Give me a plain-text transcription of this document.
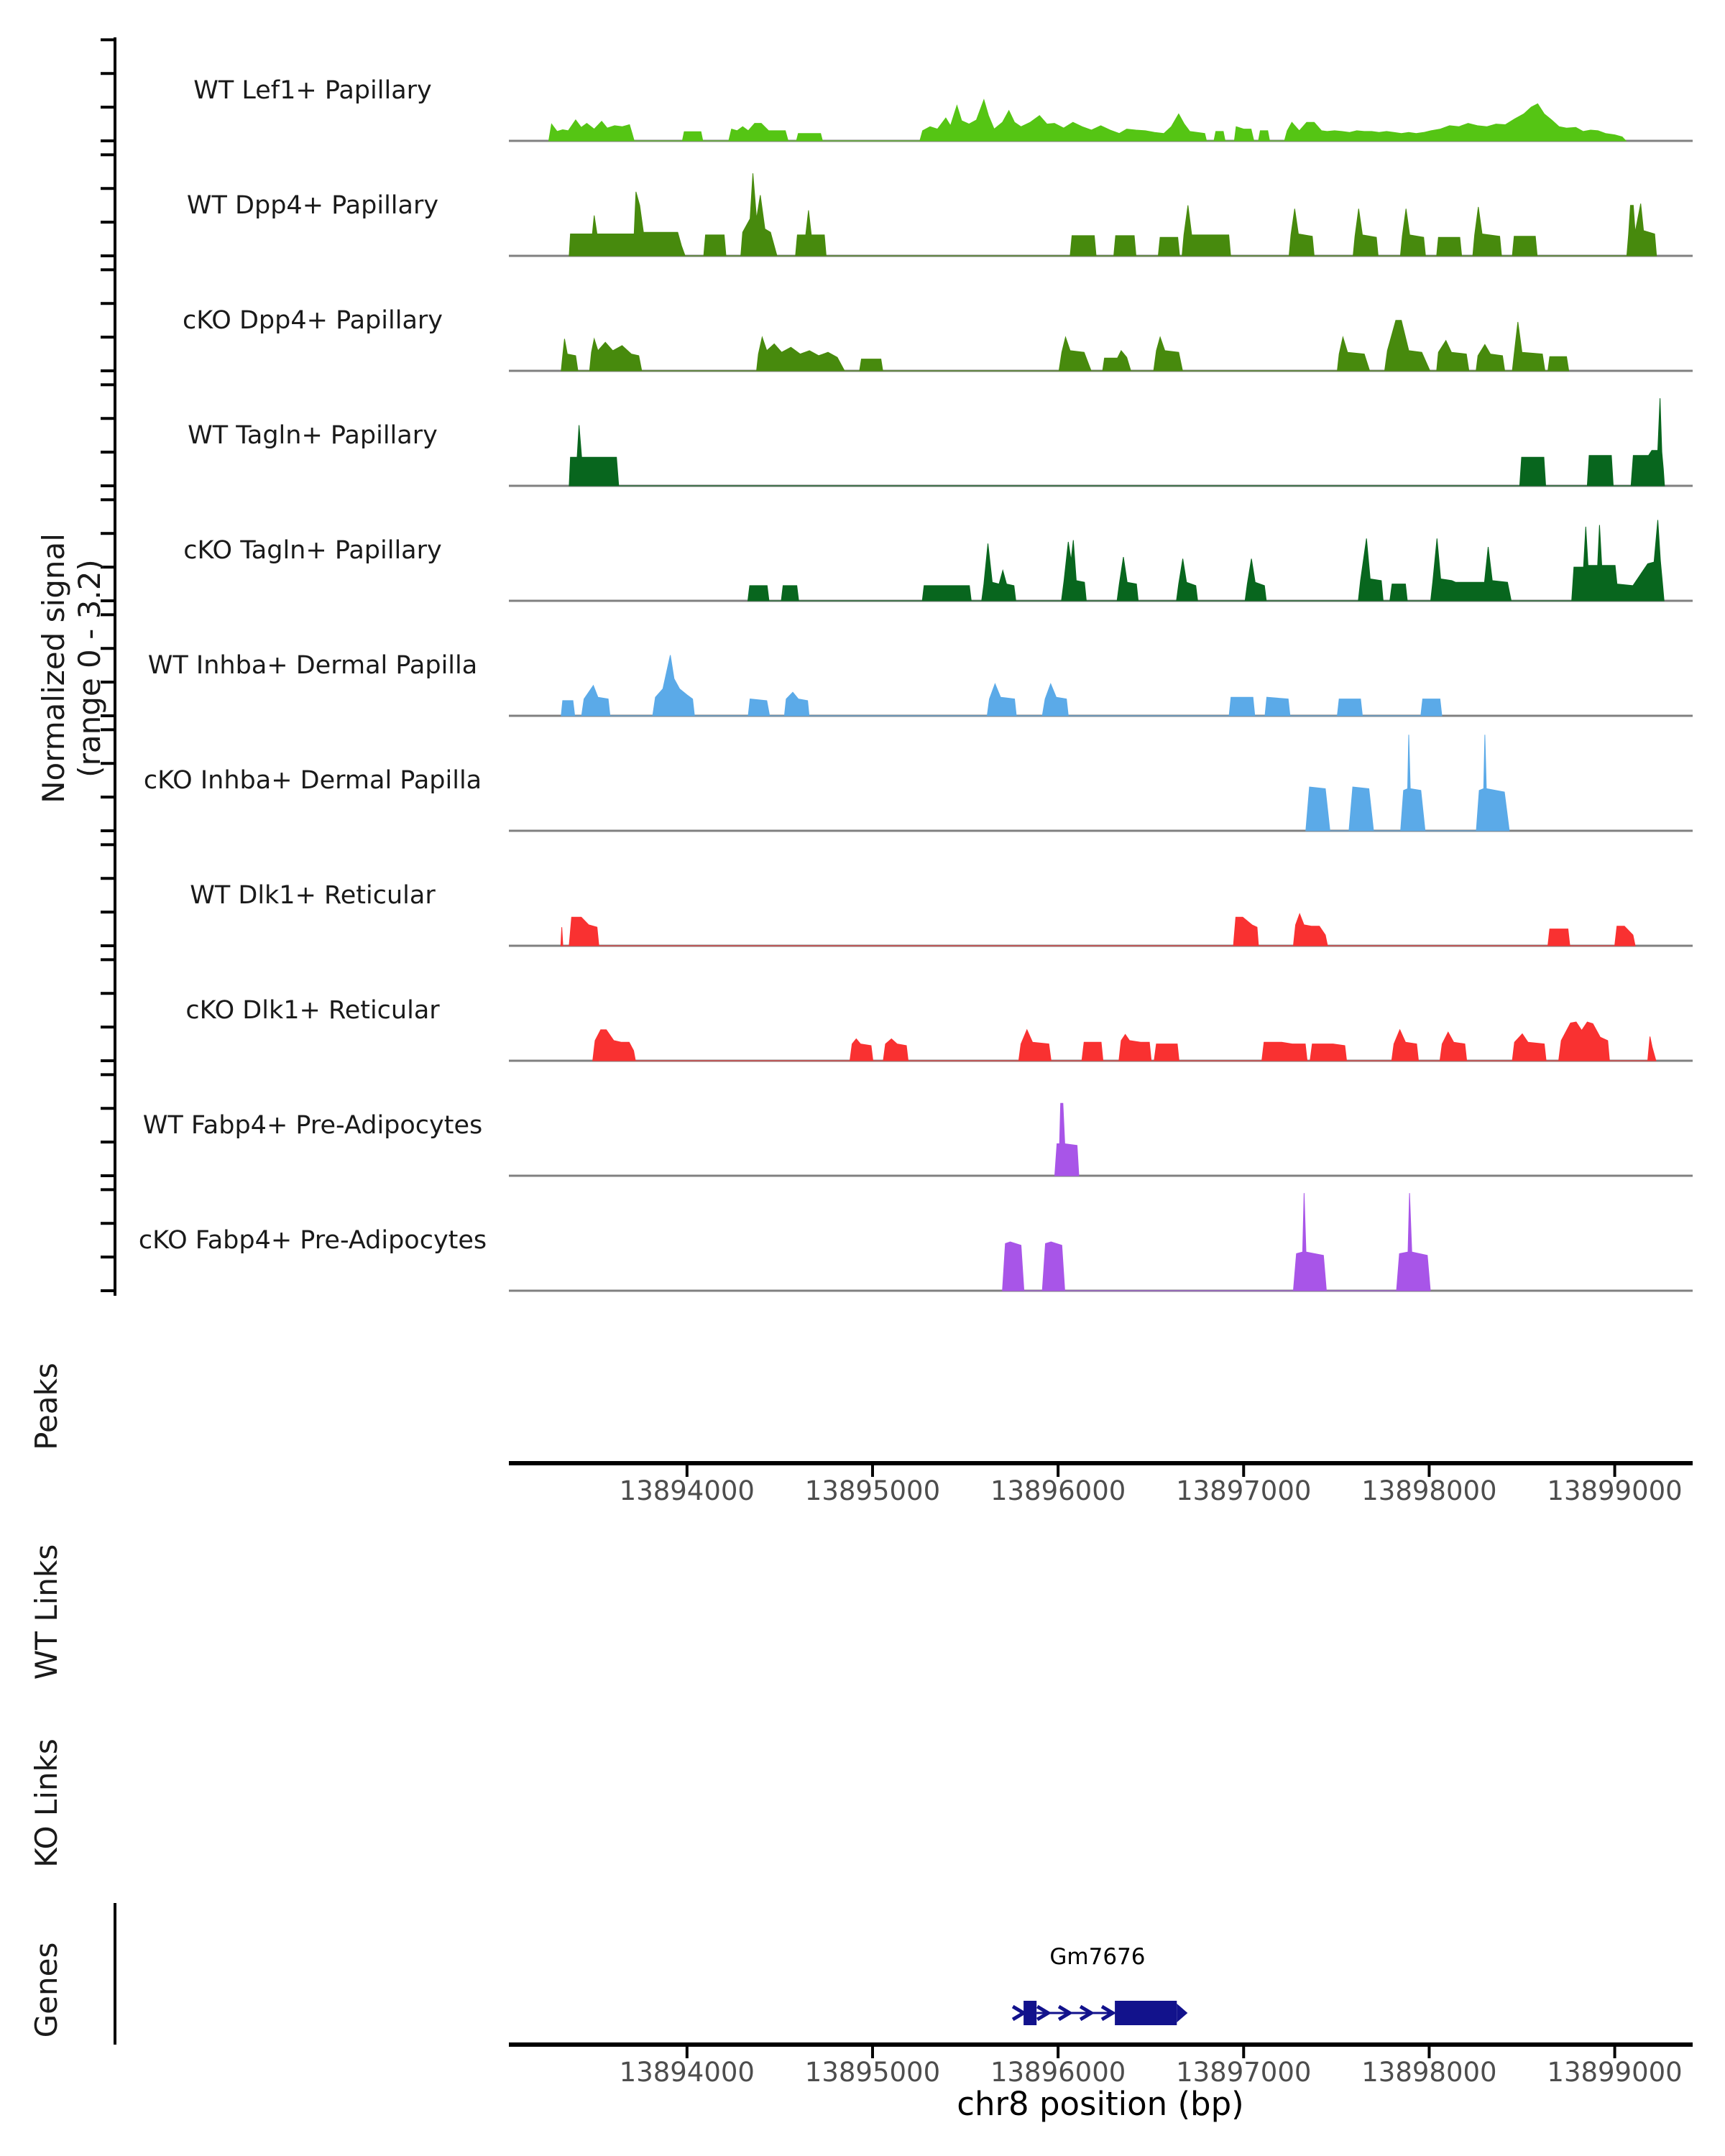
Normalized signal (range 0 - 3.2)
Peaks
WT Links
KO Links
Genes
chr8 position (bp)
WT Lef1+ Papillary
WT Dpp4+ Papillary
cKO Dpp4+ Papillary
WT Tagln+ Papillary
cKO Tagln+ Papillary
WT Inhba+ Dermal Papilla
cKO Inhba+ Dermal Papilla
WT Dlk1+ Reticular
cKO Dlk1+ Reticular
WT Fabp4+ Pre-Adipocytes
cKO Fabp4+ Pre-Adipocytes
13894000 13895000 13896000 13897000 13898000 13899000
13894000 13895000 13896000 13897000 13898000 13899000
Gm7676
